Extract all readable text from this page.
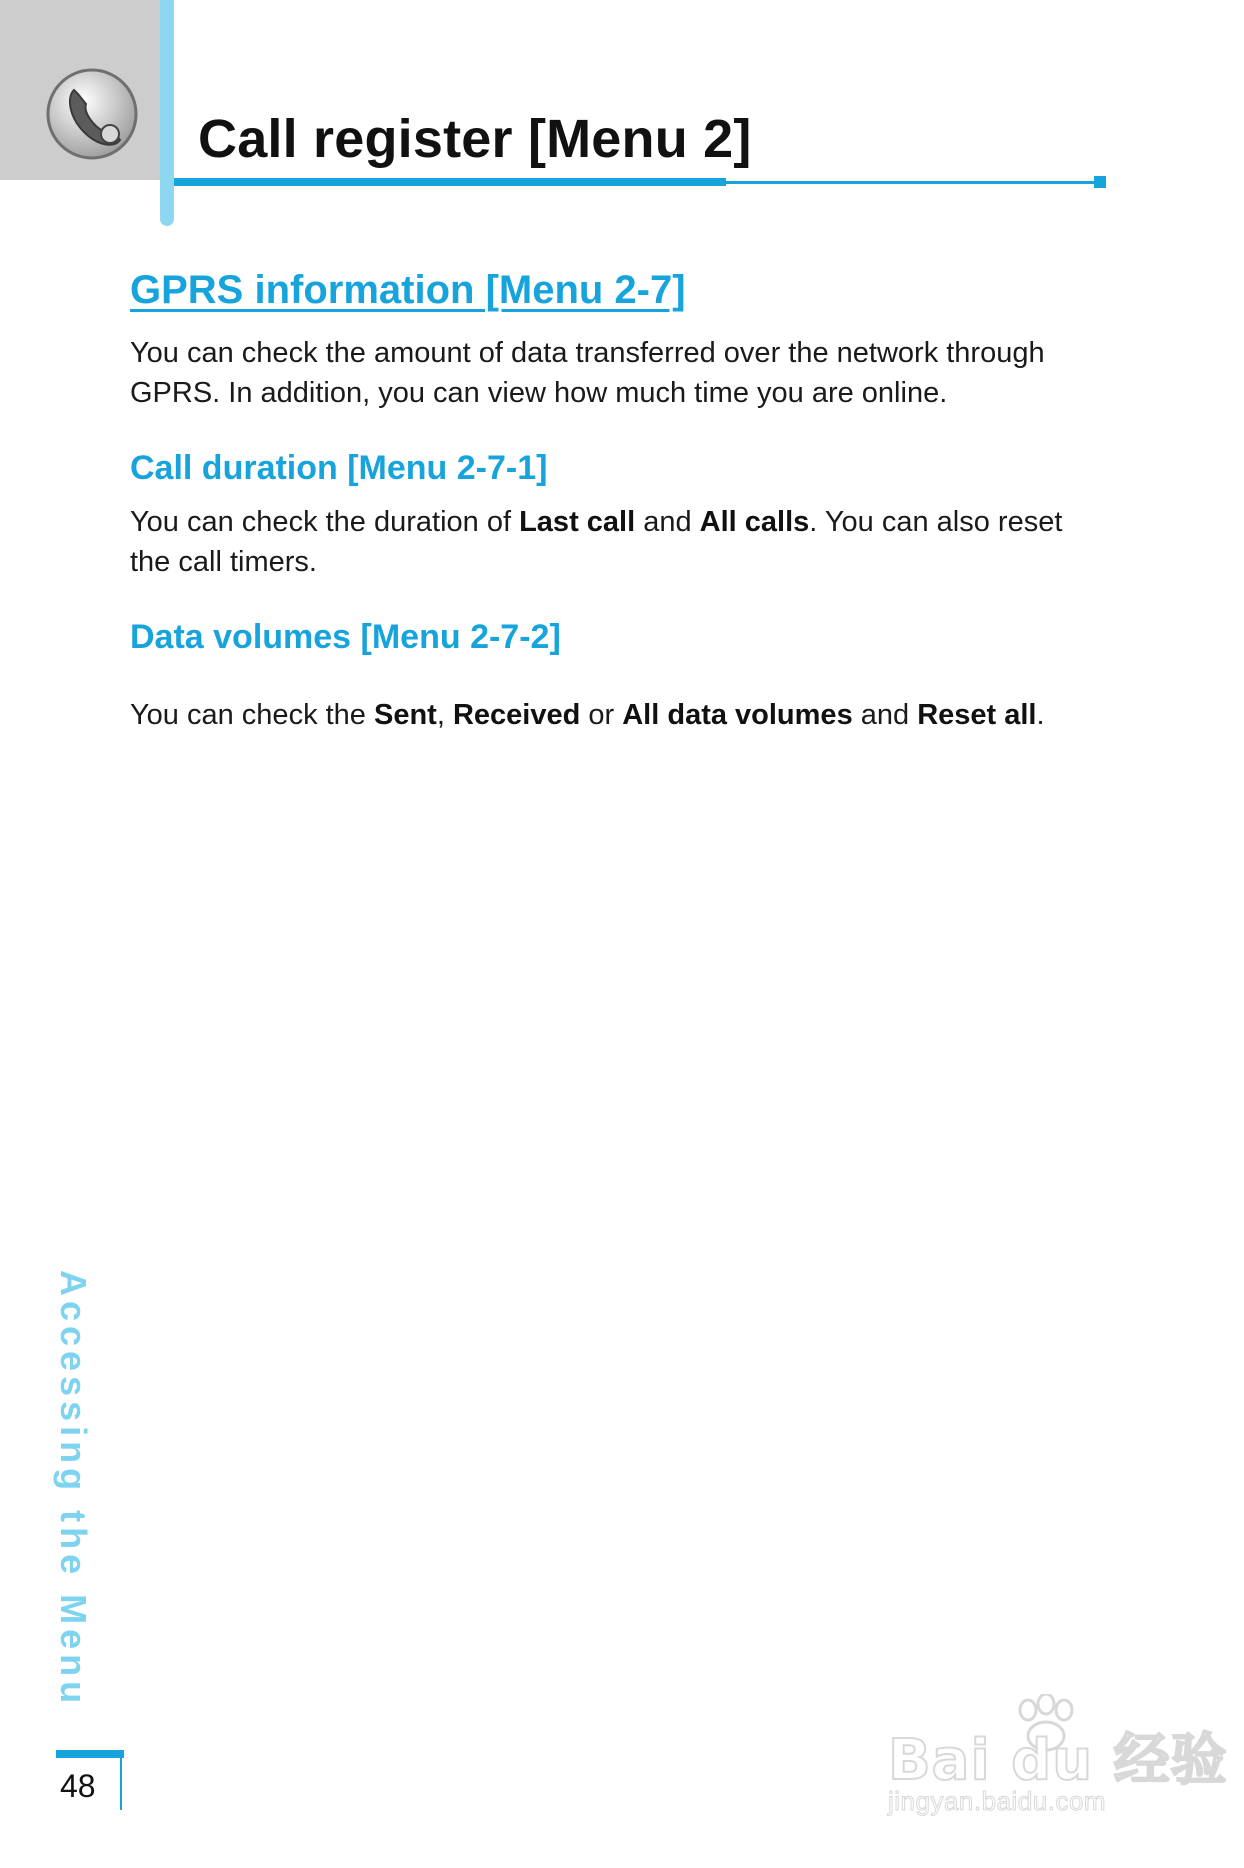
Call register [Menu 2]
GPRS information [Menu 2-7]

You can check the amount of data transferred over the network through GPRS. In addition, you can view how much time you are online.

Call duration [Menu 2-7-1]

You can check the duration of Last call and All calls. You can also reset the call timers.

Data volumes [Menu 2-7-2]

You can check the Sent, Received or All data volumes and Reset all.

Accessing the Menu
48	Bai du 经验
jingyan.baidu.com
